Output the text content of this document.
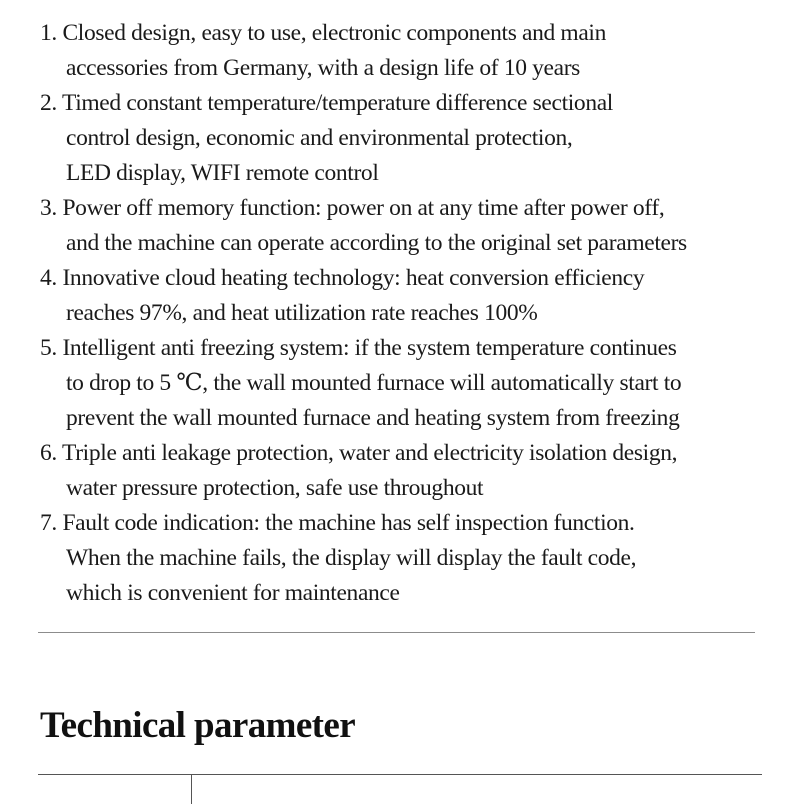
1. Closed design, easy to use, electronic components and main
accessories from Germany, with a design life of 10 years
2. Timed constant temperature/temperature difference sectional
control design, economic and environmental protection,
LED display, WIFI remote control
3. Power off memory function: power on at any time after power off,
and the machine can operate according to the original set parameters
4. Innovative cloud heating technology: heat conversion efficiency
reaches 97%, and heat utilization rate reaches 100%
5. Intelligent anti freezing system: if the system temperature continues
to drop to 5 ℃, the wall mounted furnace will automatically start to
prevent the wall mounted furnace and heating system from freezing
6. Triple anti leakage protection, water and electricity isolation design,
water pressure protection, safe use throughout
7. Fault code indication: the machine has self inspection function.
When the machine fails, the display will display the fault code,
which is convenient for maintenance
Technical parameter
